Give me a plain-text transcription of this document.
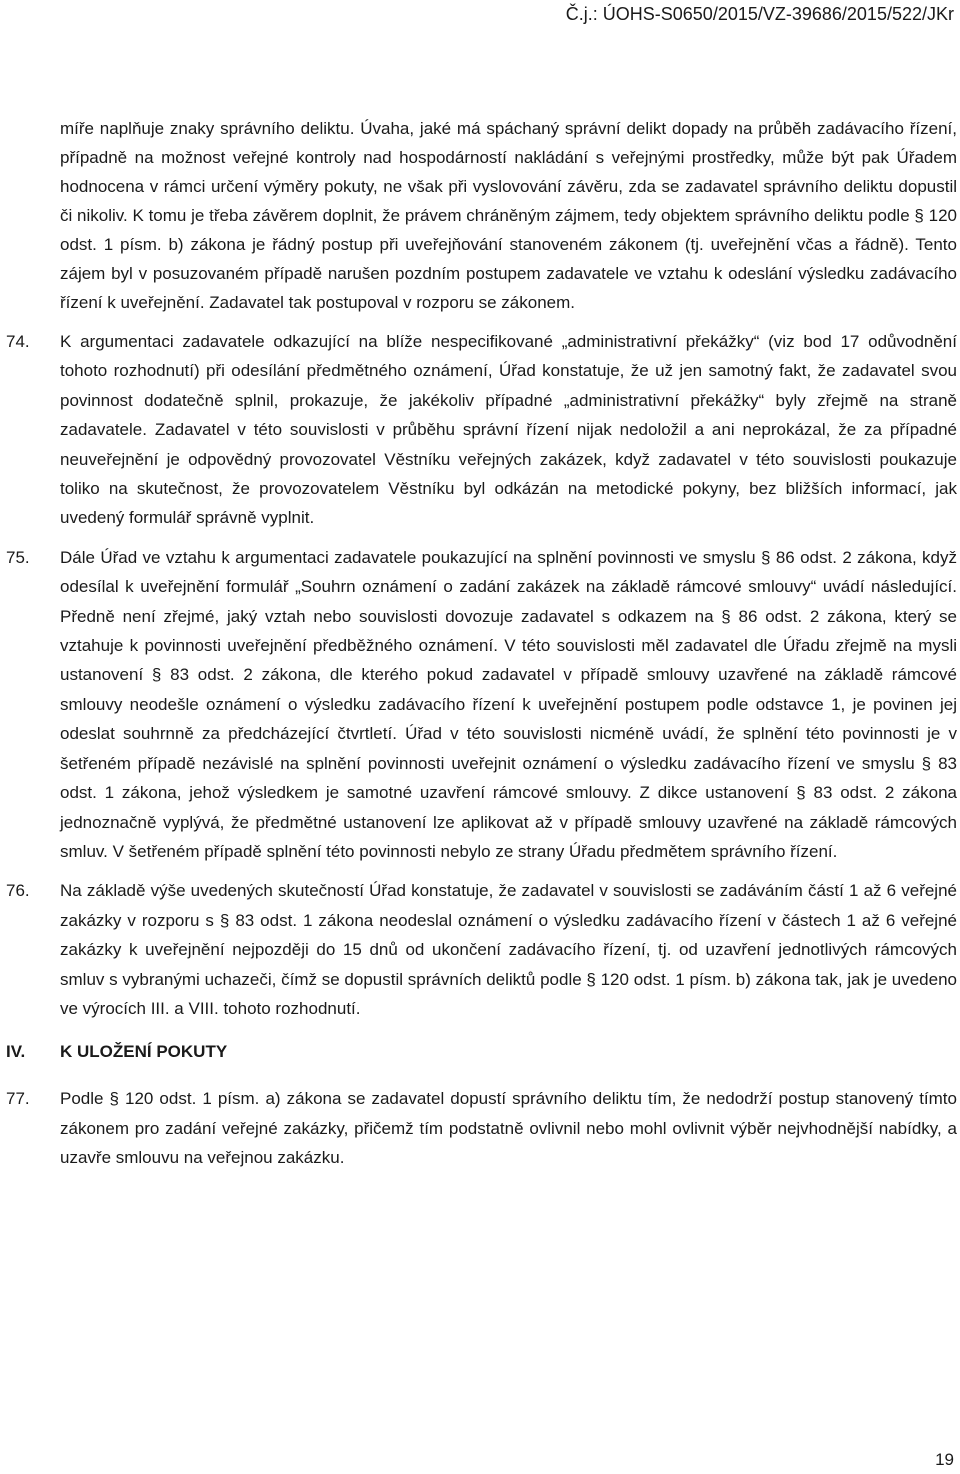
Č.j.: ÚOHS-S0650/2015/VZ-39686/2015/522/JKr

míře naplňuje znaky správního deliktu. Úvaha, jaké má spáchaný správní delikt dopady na průběh zadávacího řízení, případně na možnost veřejné kontroly nad hospodárností nakládání s veřejnými prostředky, může být pak Úřadem hodnocena v rámci určení výměry pokuty, ne však při vyslovování závěru, zda se zadavatel správního deliktu dopustil či nikoliv. K tomu je třeba závěrem doplnit, že právem chráněným zájmem, tedy objektem správního deliktu podle § 120 odst. 1 písm. b) zákona je řádný postup při uveřejňování stanoveném zákonem (tj. uveřejnění včas a řádně). Tento zájem byl v posuzovaném případě narušen pozdním postupem zadavatele ve vztahu k odeslání výsledku zadávacího řízení k uveřejnění. Zadavatel tak postupoval v rozporu se zákonem.

74. K argumentaci zadavatele odkazující na blíže nespecifikované „administrativní překážky“ (viz bod 17 odůvodnění tohoto rozhodnutí) při odesílání předmětného oznámení, Úřad konstatuje, že už jen samotný fakt, že zadavatel svou povinnost dodatečně splnil, prokazuje, že jakékoliv případné „administrativní překážky“ byly zřejmě na straně zadavatele. Zadavatel v této souvislosti v průběhu správní řízení nijak nedoložil a ani neprokázal, že za případné neuveřejnění je odpovědný provozovatel Věstníku veřejných zakázek, když zadavatel v této souvislosti poukazuje toliko na skutečnost, že provozovatelem Věstníku byl odkázán na metodické pokyny, bez bližších informací, jak uvedený formulář správně vyplnit.

75. Dále Úřad ve vztahu k argumentaci zadavatele poukazující na splnění povinnosti ve smyslu § 86 odst. 2 zákona, když odesílal k uveřejnění formulář „Souhrn oznámení o zadání zakázek na základě rámcové smlouvy“ uvádí následující. Předně není zřejmé, jaký vztah nebo souvislosti dovozuje zadavatel s odkazem na § 86 odst. 2 zákona, který se vztahuje k povinnosti uveřejnění předběžného oznámení. V této souvislosti měl zadavatel dle Úřadu zřejmě na mysli ustanovení § 83 odst. 2 zákona, dle kterého pokud zadavatel v případě smlouvy uzavřené na základě rámcové smlouvy neodešle oznámení o výsledku zadávacího řízení k uveřejnění postupem podle odstavce 1, je povinen jej odeslat souhrnně za předcházející čtvrtletí. Úřad v této souvislosti nicméně uvádí, že splnění této povinnosti je v šetřeném případě nezávislé na splnění povinnosti uveřejnit oznámení o výsledku zadávacího řízení ve smyslu § 83 odst. 1 zákona, jehož výsledkem je samotné uzavření rámcové smlouvy. Z dikce ustanovení § 83 odst. 2 zákona jednoznačně vyplývá, že předmětné ustanovení lze aplikovat až v případě smlouvy uzavřené na základě rámcových smluv. V šetřeném případě splnění této povinnosti nebylo ze strany Úřadu předmětem správního řízení.

76. Na základě výše uvedených skutečností Úřad konstatuje, že zadavatel v souvislosti se zadáváním částí 1 až 6 veřejné zakázky v rozporu s § 83 odst. 1 zákona neodeslal oznámení o výsledku zadávacího řízení v částech 1 až 6 veřejné zakázky k uveřejnění nejpozději do 15 dnů od ukončení zadávacího řízení, tj. od uzavření jednotlivých rámcových smluv s vybranými uchazeči, čímž se dopustil správních deliktů podle § 120 odst. 1 písm. b) zákona tak, jak je uvedeno ve výrocích III. a VIII. tohoto rozhodnutí.

IV. K ULOŽENÍ POKUTY
77. Podle § 120 odst. 1 písm. a) zákona se zadavatel dopustí správního deliktu tím, že nedodrží postup stanovený tímto zákonem pro zadání veřejné zakázky, přičemž tím podstatně ovlivnil nebo mohl ovlivnit výběr nejvhodnější nabídky, a uzavře smlouvu na veřejnou zakázku.

19
